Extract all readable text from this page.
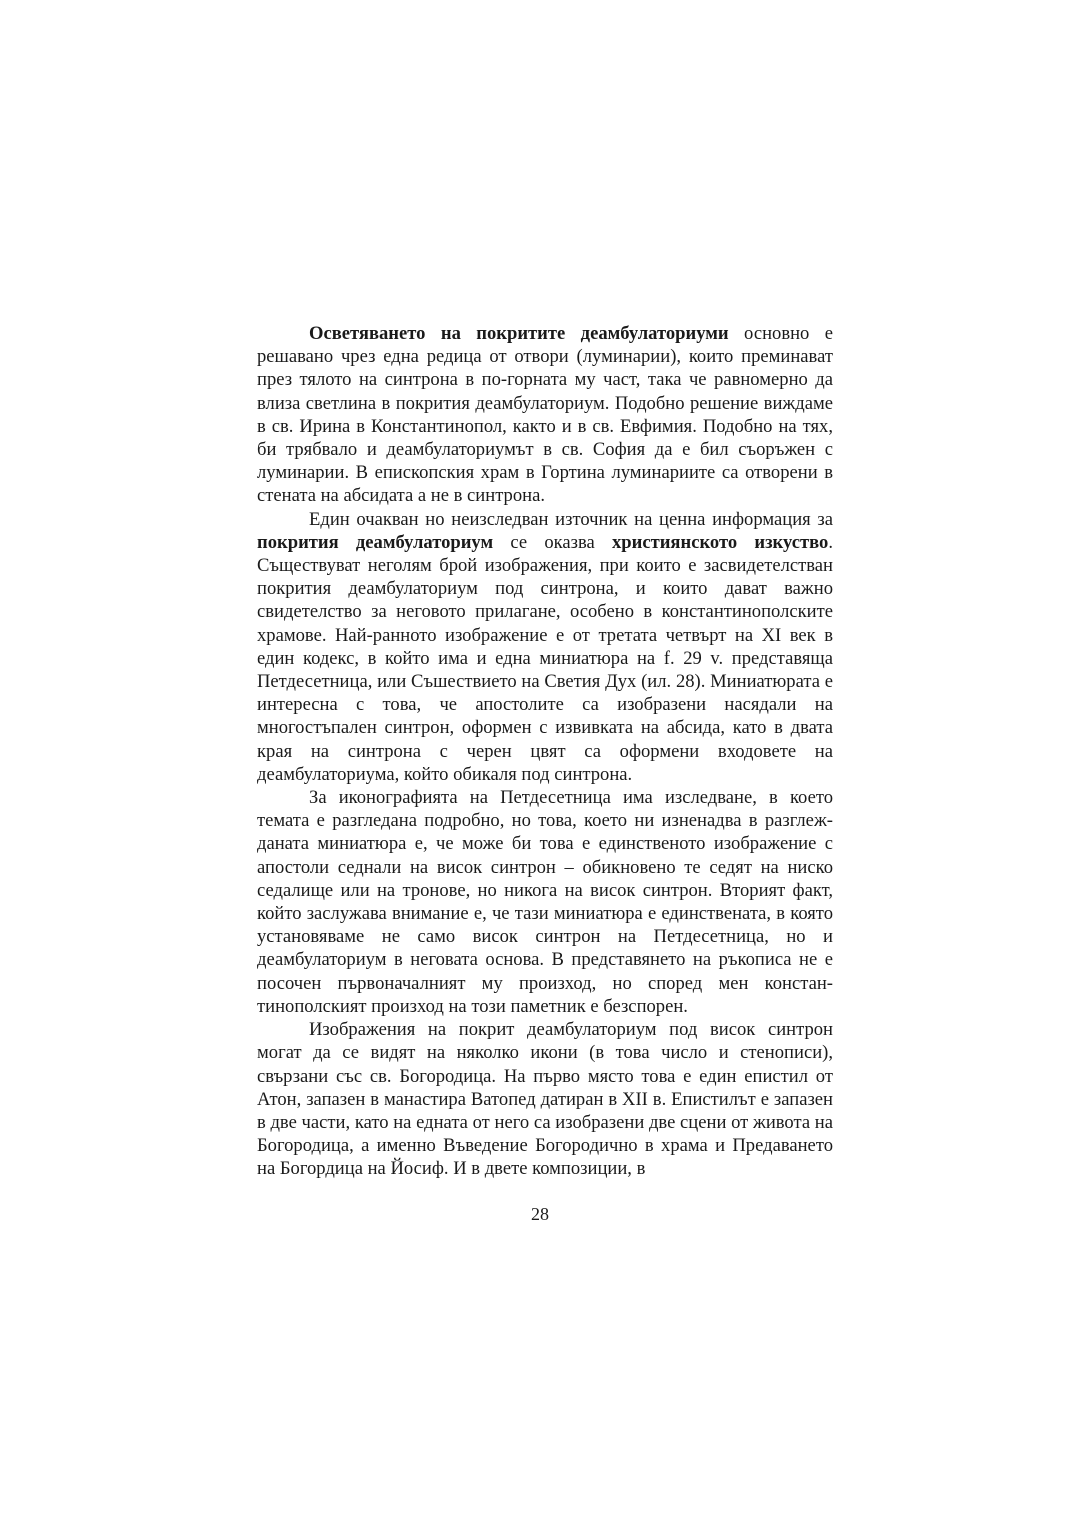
Осветяването на покритите деамбулаториуми основно е решавано чрез една редица от отвори (луминарии), които преминават през тялото на синтрона в по-горната му част, така че равномерно да влиза светлина в покрития деамбулаториум. Подобно решение виждаме в св. Ирина в Константинопол, както и в св. Евфимия. Подобно на тях, би трябвало и деамбулаториумът в св. София да е бил съоръжен с луминарии. В епископския храм в Гортина луминариите са отворени в стената на абсидата а не в синтрона.

Един очакван но неизследван източник на ценна информация за покрития деамбулаториум се оказва християнското изкуство. Съществуват неголям брой изображения, при които е засвидетелстван покрития деамбулаториум под синтрона, и които дават важно свидетелство за неговото прилагане, особено в константинополските храмове. Най-ранното изображение е от третата четвърт на XI век в един кодекс, в който има и една миниатюра на f. 29 v. представяща Петдесетница, или Съшествието на Светия Дух (ил. 28). Миниатюрата е интересна с това, че апостолите са изобразени насядали на многостъпален синтрон, оформен с извивката на абсида, като в двата края на синтрона с черен цвят са оформени входовете на деамбулаториума, който обикаля под синтрона.

За иконографията на Петдесетница има изследване, в което темата е разгледана подробно, но това, което ни изненадва в разглежданата миниатюра е, че може би това е единственото изображение с апостоли седнали на висок синтрон – обикновено те седят на ниско седалище или на тронове, но никога на висок синтрон. Вторият факт, който заслужава внимание е, че тази миниатюра е единствената, в която установяваме не само висок синтрон на Петдесетница, но и деамбулаториум в неговата основа. В представянето на ръкописа не е посочен първоначалният му произход, но според мен константинополският произход на този паметник е безспорен.

Изображения на покрит деамбулаториум под висок синтрон могат да се видят на няколко икони (в това число и стенописи), свързани със св. Богородица. На първо място това е един епистил от Атон, запазен в манастира Ватопед датиран в XII в. Епистилът е запазен в две части, като на едната от него са изобразени две сцени от живота на Богородица, а именно Въведение Богородично в храма и Предаването на Богордица на Йосиф. И в двете композиции, в

28
